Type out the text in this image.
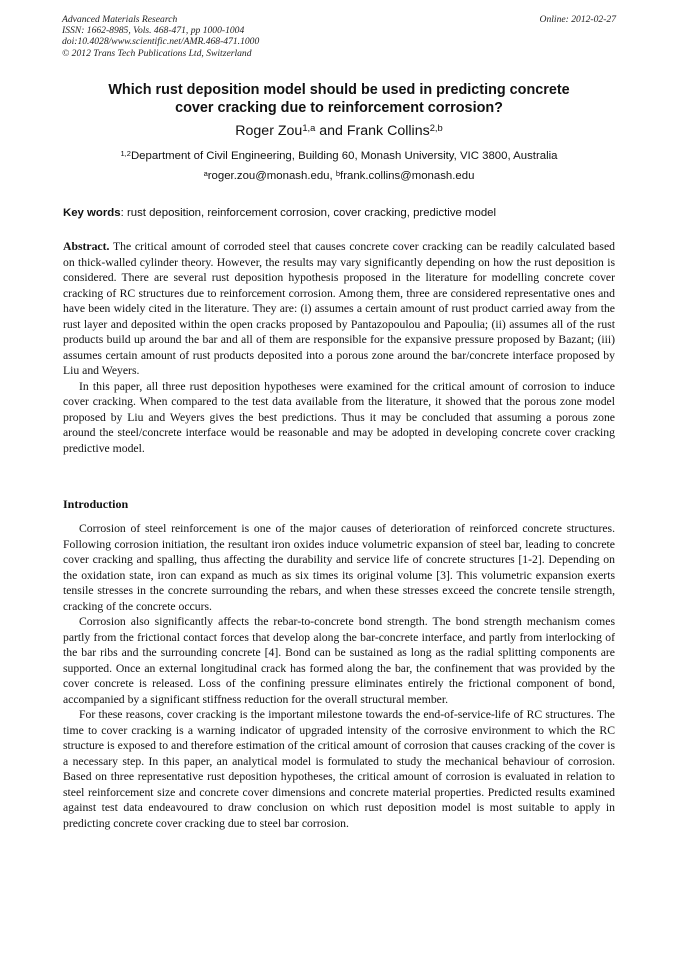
Advanced Materials Research
ISSN: 1662-8985, Vols. 468-471, pp 1000-1004
doi:10.4028/www.scientific.net/AMR.468-471.1000
© 2012 Trans Tech Publications Ltd, Switzerland
Online: 2012-02-27
Which rust deposition model should be used in predicting concrete
cover cracking due to reinforcement corrosion?
Roger Zou$^{1,a}$ and Frank Collins$^{2,b}$
$^{1,2}$Department of Civil Engineering, Building 60, Monash University, VIC 3800, Australia
$^a$roger.zou@monash.edu, $^b$frank.collins@monash.edu
Key words: rust deposition, reinforcement corrosion, cover cracking, predictive model

Abstract. The critical amount of corroded steel that causes concrete cover cracking can be readily calculated based on thick-walled cylinder theory. However, the results may vary significantly depending on how the rust deposition is considered. There are several rust deposition hypothesis proposed in the literature for modelling concrete cover cracking of RC structures due to reinforcement corrosion. Among them, three are considered representative ones and have been widely cited in the literature. They are: (i) assumes a certain amount of rust product carried away from the rust layer and deposited within the open cracks proposed by Pantazopoulou and Papoulia; (ii) assumes all of the rust products build up around the bar and all of them are responsible for the expansive pressure proposed by Bazant; (iii) assumes certain amount of rust products deposited into a porous zone around the bar/concrete interface proposed by Liu and Weyers.

In this paper, all three rust deposition hypotheses were examined for the critical amount of corrosion to induce cover cracking. When compared to the test data available from the literature, it showed that the porous zone model proposed by Liu and Weyers gives the best predictions. Thus it may be concluded that assuming a porous zone around the steel/concrete interface would be reasonable and may be adopted in developing concrete cover cracking predictive model.

Introduction

Corrosion of steel reinforcement is one of the major causes of deterioration of reinforced concrete structures. Following corrosion initiation, the resultant iron oxides induce volumetric expansion of steel bar, leading to concrete cover cracking and spalling, thus affecting the durability and service life of concrete structures [1-2]. Depending on the oxidation state, iron can expand as much as six times its original volume [3]. This volumetric expansion exerts tensile stresses in the concrete surrounding the rebars, and when these stresses exceed the concrete tensile strength, cracking of the concrete occurs.

Corrosion also significantly affects the rebar-to-concrete bond strength. The bond strength mechanism comes partly from the frictional contact forces that develop along the bar-concrete interface, and partly from interlocking of the bar ribs and the surrounding concrete [4]. Bond can be sustained as long as the radial splitting components are supported. Once an external longitudinal crack has formed along the bar, the confinement that was provided by the cover concrete is released. Loss of the confining pressure eliminates entirely the frictional component of bond, accompanied by a significant stiffness reduction for the overall structural member.

For these reasons, cover cracking is the important milestone towards the end-of-service-life of RC structures. The time to cover cracking is a warning indicator of upgraded intensity of the corrosive environment to which the RC structure is exposed to and therefore estimation of the critical amount of corrosion that causes cracking of the cover is a necessary step. In this paper, an analytical model is formulated to study the mechanical behaviour of corrosion. Based on three representative rust deposition hypotheses, the critical amount of corrosion is evaluated in relation to steel reinforcement size and concrete cover dimensions and concrete material properties. Predicted results examined against test data endeavoured to draw conclusion on which rust deposition model is most suitable to apply in predicting concrete cover cracking due to steel bar corrosion.
